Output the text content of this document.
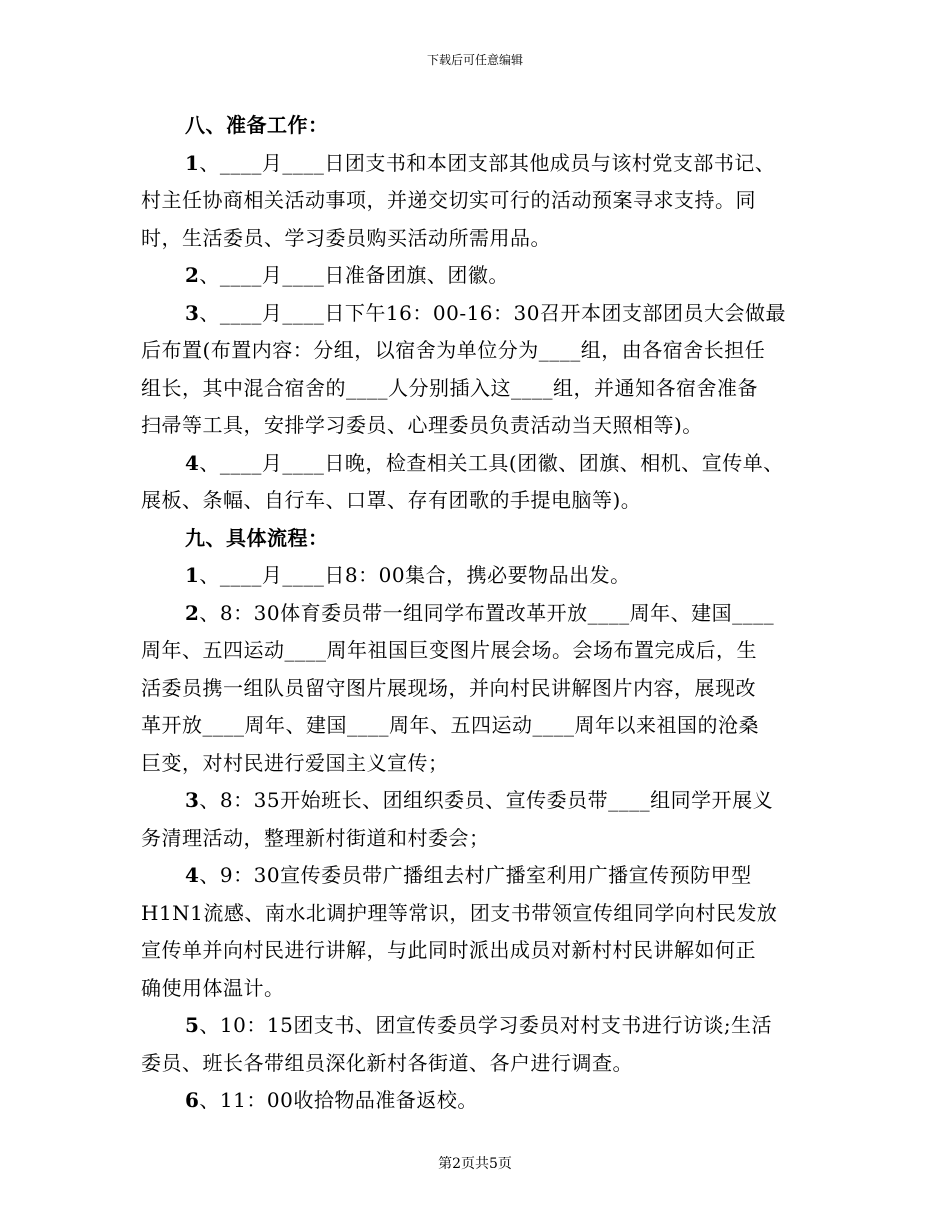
下载后可任意编辑
八、准备工作：
1、____月____日团支书和本团支部其他成员与该村党支部书记、
村主任协商相关活动事项，并递交切实可行的活动预案寻求支持。同
时，生活委员、学习委员购买活动所需用品。
2、____月____日准备团旗、团徽。
3、____月____日下午16：00-16：30召开本团支部团员大会做最
后布置(布置内容：分组，以宿舍为单位分为____组，由各宿舍长担任
组长，其中混合宿舍的____人分别插入这____组，并通知各宿舍准备
扫帚等工具，安排学习委员、心理委员负责活动当天照相等)。
4、____月____日晚，检查相关工具(团徽、团旗、相机、宣传单、
展板、条幅、自行车、口罩、存有团歌的手提电脑等)。
九、具体流程：
1、____月____日8：00集合，携必要物品出发。
2、8：30体育委员带一组同学布置改革开放____周年、建国____
周年、五四运动____周年祖国巨变图片展会场。会场布置完成后，生
活委员携一组队员留守图片展现场，并向村民讲解图片内容，展现改
革开放____周年、建国____周年、五四运动____周年以来祖国的沧桑
巨变，对村民进行爱国主义宣传；
3、8：35开始班长、团组织委员、宣传委员带____组同学开展义
务清理活动，整理新村街道和村委会；
4、9：30宣传委员带广播组去村广播室利用广播宣传预防甲型
H1N1流感、南水北调护理等常识，团支书带领宣传组同学向村民发放
宣传单并向村民进行讲解，与此同时派出成员对新村村民讲解如何正
确使用体温计。
5、10：15团支书、团宣传委员学习委员对村支书进行访谈;生活
委员、班长各带组员深化新村各街道、各户进行调查。
6、11：00收拾物品准备返校。
第2页共5页
